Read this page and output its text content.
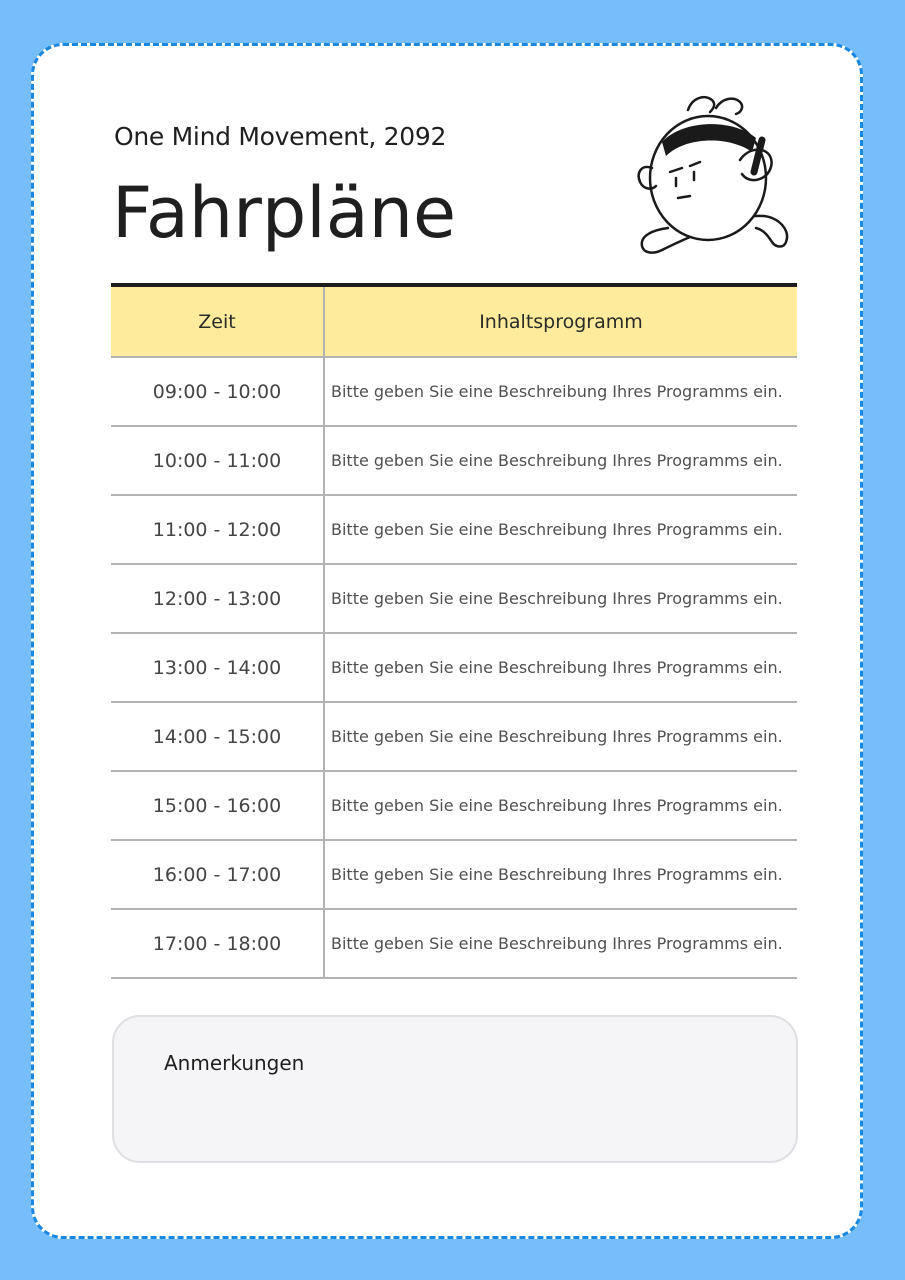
One Mind Movement, 2092
Fahrpläne
Zeit	Inhaltsprogramm
09:00 - 10:00	Bitte geben Sie eine Beschreibung Ihres Programms ein.
10:00 - 11:00	Bitte geben Sie eine Beschreibung Ihres Programms ein.
11:00 - 12:00	Bitte geben Sie eine Beschreibung Ihres Programms ein.
12:00 - 13:00	Bitte geben Sie eine Beschreibung Ihres Programms ein.
13:00 - 14:00	Bitte geben Sie eine Beschreibung Ihres Programms ein.
14:00 - 15:00	Bitte geben Sie eine Beschreibung Ihres Programms ein.
15:00 - 16:00	Bitte geben Sie eine Beschreibung Ihres Programms ein.
16:00 - 17:00	Bitte geben Sie eine Beschreibung Ihres Programms ein.
17:00 - 18:00	Bitte geben Sie eine Beschreibung Ihres Programms ein.
Anmerkungen
